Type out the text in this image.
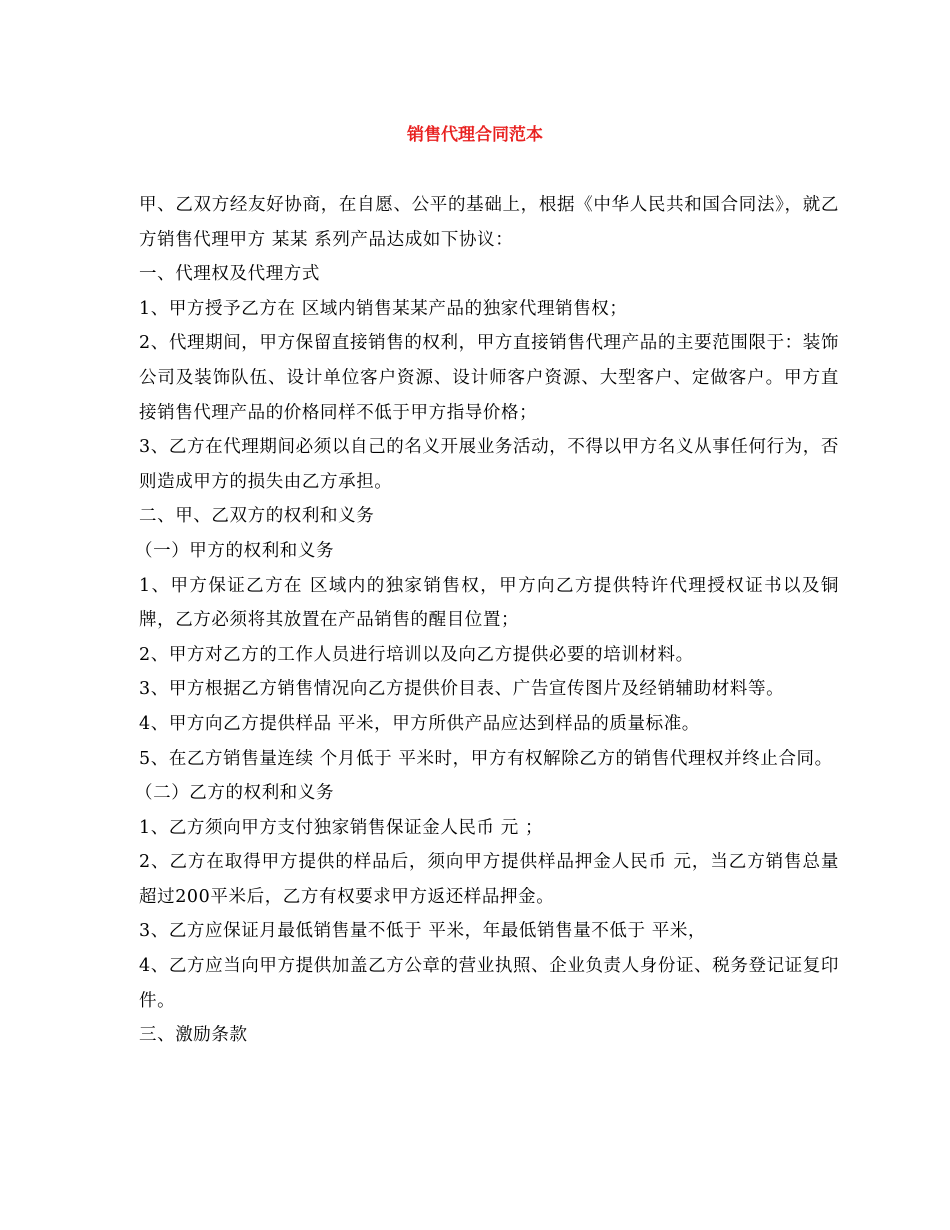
销售代理合同范本

甲、乙双方经友好协商，在自愿、公平的基础上，根据《中华人民共和国合同法》，就乙方销售代理甲方 某某 系列产品达成如下协议：

一、代理权及代理方式

1、甲方授予乙方在 区域内销售某某产品的独家代理销售权；

2、代理期间，甲方保留直接销售的权利，甲方直接销售代理产品的主要范围限于：装饰公司及装饰队伍、设计单位客户资源、设计师客户资源、大型客户、定做客户。甲方直接销售代理产品的价格同样不低于甲方指导价格；

3、乙方在代理期间必须以自己的名义开展业务活动，不得以甲方名义从事任何行为，否则造成甲方的损失由乙方承担。

二、甲、乙双方的权利和义务

（一）甲方的权利和义务

1、甲方保证乙方在 区域内的独家销售权，甲方向乙方提供特许代理授权证书以及铜牌，乙方必须将其放置在产品销售的醒目位置；

2、甲方对乙方的工作人员进行培训以及向乙方提供必要的培训材料。

3、甲方根据乙方销售情况向乙方提供价目表、广告宣传图片及经销辅助材料等。

4、甲方向乙方提供样品 平米，甲方所供产品应达到样品的质量标准。

5、在乙方销售量连续 个月低于 平米时，甲方有权解除乙方的销售代理权并终止合同。

（二）乙方的权利和义务

1、乙方须向甲方支付独家销售保证金人民币 元 ；

2、乙方在取得甲方提供的样品后，须向甲方提供样品押金人民币 元，当乙方销售总量超过200平米后，乙方有权要求甲方返还样品押金。

3、乙方应保证月最低销售量不低于 平米，年最低销售量不低于 平米，

4、乙方应当向甲方提供加盖乙方公章的营业执照、企业负责人身份证、税务登记证复印件。

三、激励条款
